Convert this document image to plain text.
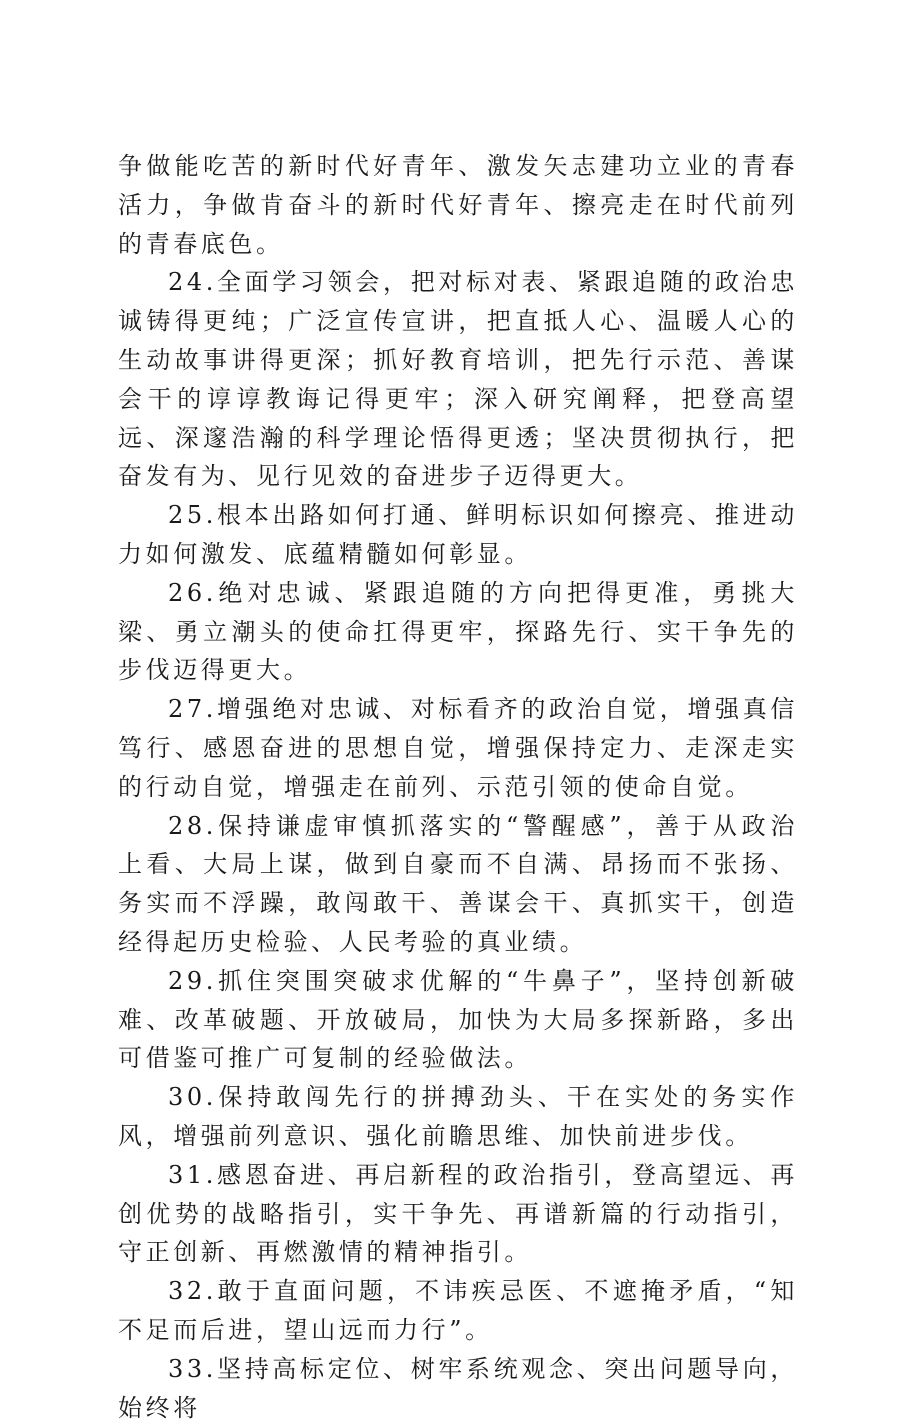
争做能吃苦的新时代好青年、激发矢志建功立业的青春活力，争做肯奋斗的新时代好青年、擦亮走在时代前列的青春底色。

24.全面学习领会，把对标对表、紧跟追随的政治忠诚铸得更纯；广泛宣传宣讲，把直抵人心、温暖人心的生动故事讲得更深；抓好教育培训，把先行示范、善谋会干的谆谆教诲记得更牢；深入研究阐释，把登高望远、深邃浩瀚的科学理论悟得更透；坚决贯彻执行，把奋发有为、见行见效的奋进步子迈得更大。

25.根本出路如何打通、鲜明标识如何擦亮、推进动力如何激发、底蕴精髓如何彰显。

26.绝对忠诚、紧跟追随的方向把得更准，勇挑大梁、勇立潮头的使命扛得更牢，探路先行、实干争先的步伐迈得更大。

27.增强绝对忠诚、对标看齐的政治自觉，增强真信笃行、感恩奋进的思想自觉，增强保持定力、走深走实的行动自觉，增强走在前列、示范引领的使命自觉。

28.保持谦虚审慎抓落实的“警醒感”，善于从政治上看、大局上谋，做到自豪而不自满、昂扬而不张扬、务实而不浮躁，敢闯敢干、善谋会干、真抓实干，创造经得起历史检验、人民考验的真业绩。

29.抓住突围突破求优解的“牛鼻子”，坚持创新破难、改革破题、开放破局，加快为大局多探新路，多出可借鉴可推广可复制的经验做法。

30.保持敢闯先行的拼搏劲头、干在实处的务实作风，增强前列意识、强化前瞻思维、加快前进步伐。

31.感恩奋进、再启新程的政治指引，登高望远、再创优势的战略指引，实干争先、再谱新篇的行动指引，守正创新、再燃激情的精神指引。

32.敢于直面问题，不讳疾忌医、不遮掩矛盾，“知不足而后进，望山远而力行”。

33.坚持高标定位、树牢系统观念、突出问题导向，始终将
